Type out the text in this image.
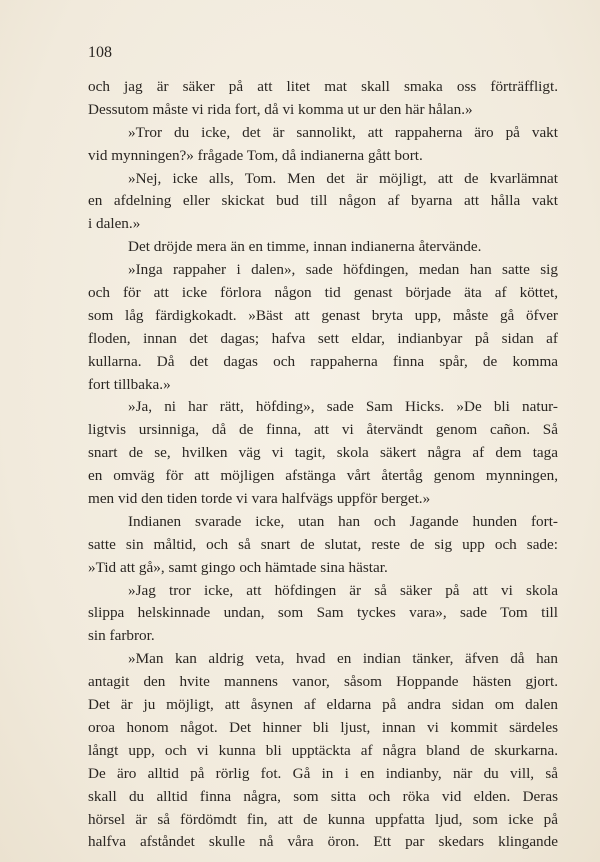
108
och jag är säker på att litet mat skall smaka oss förträffligt.
Dessutom måste vi rida fort, då vi komma ut ur den här hålan.»
»Tror du icke, det är sannolikt, att rappaherna äro på vakt
vid mynningen?» frågade Tom, då indianerna gått bort.
»Nej, icke alls, Tom. Men det är möjligt, att de kvarlämnat
en afdelning eller skickat bud till någon af byarna att hålla vakt
i dalen.»
Det dröjde mera än en timme, innan indianerna återvände.
»Inga rappaher i dalen», sade höfdingen, medan han satte sig
och för att icke förlora någon tid genast började äta af köttet,
som låg färdigkokadt. »Bäst att genast bryta upp, måste gå öfver
floden, innan det dagas; hafva sett eldar, indianbyar på sidan af
kullarna. Då det dagas och rappaherna finna spår, de komma
fort tillbaka.»
»Ja, ni har rätt, höfding», sade Sam Hicks. »De bli natur-
ligtvis ursinniga, då de finna, att vi återvändt genom cañon. Så
snart de se, hvilken väg vi tagit, skola säkert några af dem taga
en omväg för att möjligen afstänga vårt återtåg genom mynningen,
men vid den tiden torde vi vara halfvägs uppför berget.»
Indianen svarade icke, utan han och Jagande hunden fort-
satte sin måltid, och så snart de slutat, reste de sig upp och sade:
»Tid att gå», samt gingo och hämtade sina hästar.
»Jag tror icke, att höfdingen är så säker på att vi skola
slippa helskinnade undan, som Sam tyckes vara», sade Tom till
sin farbror.
»Man kan aldrig veta, hvad en indian tänker, äfven då han
antagit den hvite mannens vanor, såsom Hoppande hästen gjort.
Det är ju möjligt, att åsynen af eldarna på andra sidan om dalen
oroa honom något. Det hinner bli ljust, innan vi kommit särdeles
långt upp, och vi kunna bli upptäckta af några bland de skurkarna.
De äro alltid på rörlig fot. Gå in i en indianby, när du vill, så
skall du alltid finna några, som sitta och röka vid elden. Deras
hörsel är så fördömdt fin, att de kunna uppfatta ljud, som icke på
halfva afståndet skulle nå våra öron. Ett par skedars klingande
